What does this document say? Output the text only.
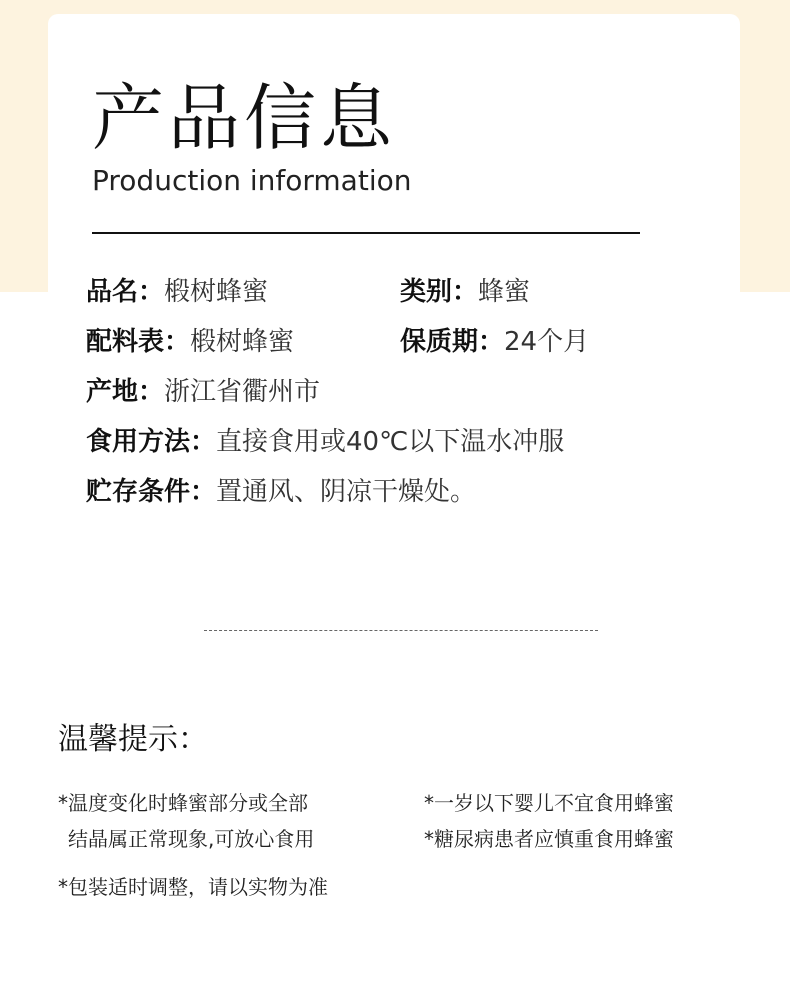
产品信息
Production information
品名：椴树蜂蜜	类别：蜂蜜
配料表：椴树蜂蜜	保质期：24个月
产地：浙江省衢州市
食用方法：直接食用或40℃以下温水冲服
贮存条件：置通风、阴凉干燥处。
温馨提示：
*温度变化时蜂蜜部分或全部
结晶属正常现象,可放心食用
*一岁以下婴儿不宜食用蜂蜜
*糖尿病患者应慎重食用蜂蜜
*包装适时调整，请以实物为准
